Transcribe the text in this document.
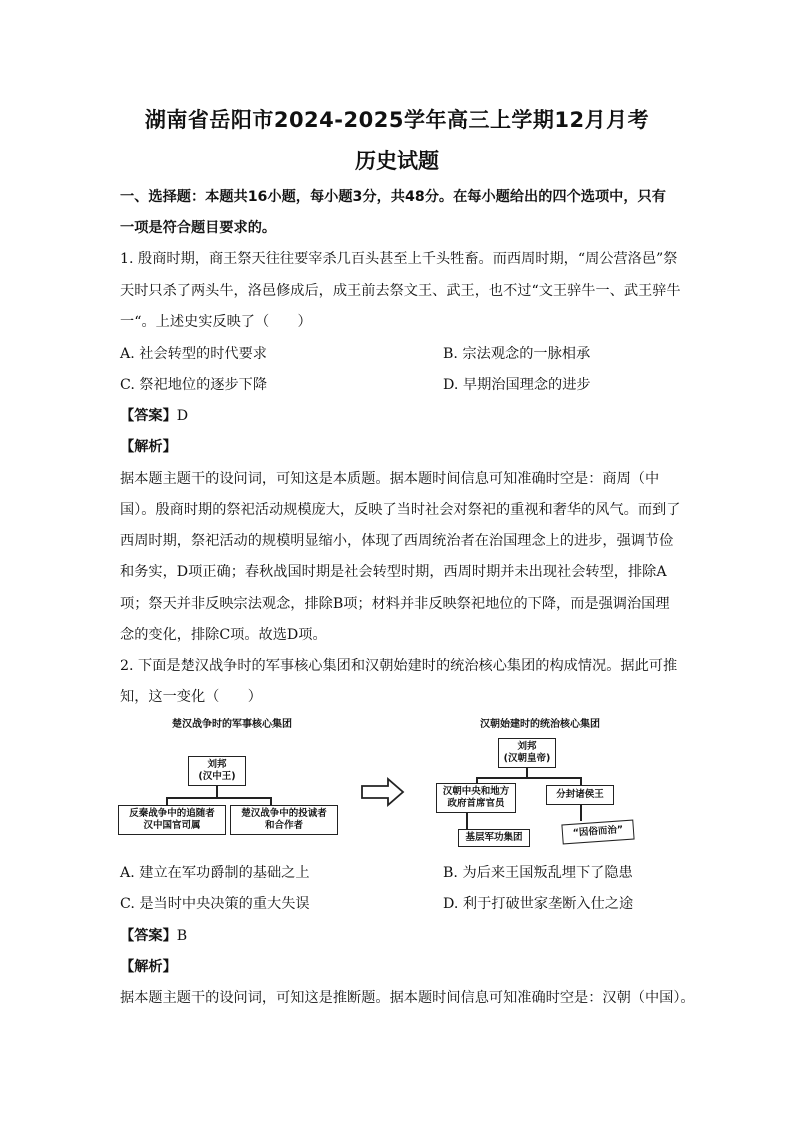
湖南省岳阳市2024-2025学年高三上学期12月月考
历史试题
一、选择题：本题共16小题，每小题3分，共48分。在每小题给出的四个选项中，只有
一项是符合题目要求的。
1. 殷商时期，商王祭天往往要宰杀几百头甚至上千头牲畜。而西周时期，“周公营洛邑”祭
天时只杀了两头牛，洛邑修成后，成王前去祭文王、武王，也不过“文王骍牛一、武王骍牛
一“。上述史实反映了（　　）
A. 社会转型的时代要求	B. 宗法观念的一脉相承
C. 祭祀地位的逐步下降	D. 早期治国理念的进步
【答案】D
【解析】
据本题主题干的设问词，可知这是本质题。据本题时间信息可知准确时空是：商周（中
国）。殷商时期的祭祀活动规模庞大，反映了当时社会对祭祀的重视和奢华的风气。而到了
西周时期，祭祀活动的规模明显缩小，体现了西周统治者在治国理念上的进步，强调节俭
和务实，D项正确；春秋战国时期是社会转型时期，西周时期并未出现社会转型，排除A
项；祭天并非反映宗法观念，排除B项；材料并非反映祭祀地位的下降，而是强调治国理
念的变化，排除C项。故选D项。
2. 下面是楚汉战争时的军事核心集团和汉朝始建时的统治核心集团的构成情况。据此可推
知，这一变化（　　）
楚汉战争时的军事核心集团
刘邦
(汉中王)
反秦战争中的追随者
汉中国官司属
楚汉战争中的投诚者
和合作者
汉朝始建时的统治核心集团
刘邦
(汉朝皇帝)
汉朝中央和地方
政府首席官员
分封诸侯王
基层军功集团	“因俗而治”
A. 建立在军功爵制的基础之上	B. 为后来王国叛乱埋下了隐患
C. 是当时中央决策的重大失误	D. 利于打破世家垄断入仕之途
【答案】B
【解析】
据本题主题干的设问词，可知这是推断题。据本题时间信息可知准确时空是：汉朝（中国）。
